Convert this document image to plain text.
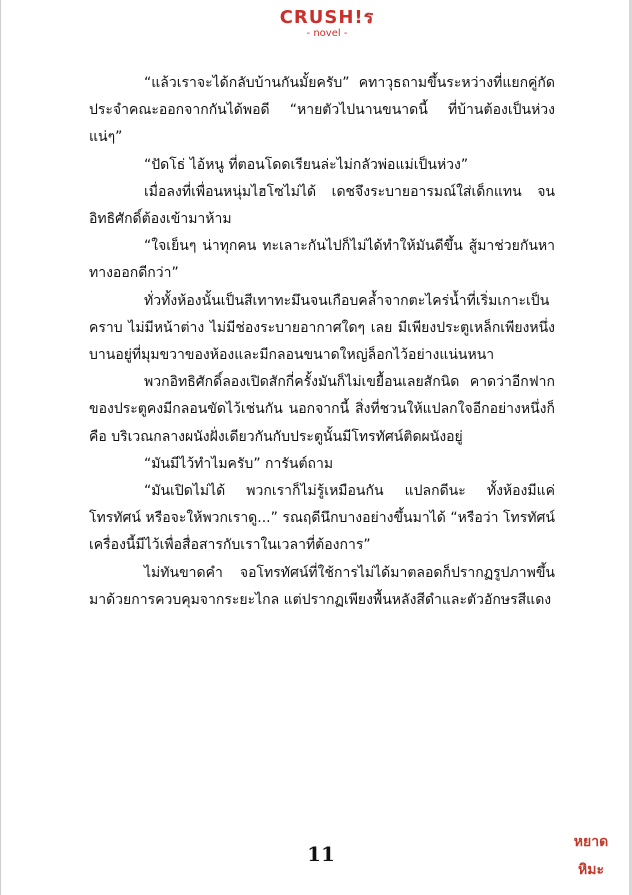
CRUSH!ร
- novel -

“แล้วเราจะได้กลับบ้านกันมั้ยครับ” คทาวุธถามขึ้นระหว่างที่แยกคู่กัดประจำคณะออกจากกันได้พอดี “หายตัวไปนานขนาดนี้ ที่บ้านต้องเป็นห่วงแน่ๆ”

“ปัดโธ่ ไอ้หนู ที่ตอนโดดเรียนล่ะไม่กลัวพ่อแม่เป็นห่วง”

เมื่อลงที่เพื่อนหนุ่มไฮโซไม่ได้ เดชจึงระบายอารมณ์ใส่เด็กแทน จนอิทธิศักดิ์ต้องเข้ามาห้าม

“ใจเย็นๆ น่าทุกคน ทะเลาะกันไปก็ไม่ได้ทำให้มันดีขึ้น สู้มาช่วยกันหาทางออกดีกว่า”

ทั่วทั้งห้องนั้นเป็นสีเทาทะมึนจนเกือบคล้ำจากตะไคร่น้ำที่เริ่มเกาะเป็นคราบ ไม่มีหน้าต่าง ไม่มีช่องระบายอากาศใดๆ เลย มีเพียงประตูเหล็กเพียงหนึ่งบานอยู่ที่มุมขวาของห้องและมีกลอนขนาดใหญ่ล็อกไว้อย่างแน่นหนา

พวกอิทธิศักดิ์ลองเปิดสักกี่ครั้งมันก็ไม่เขยื้อนเลยสักนิด คาดว่าอีกฟากของประตูคงมีกลอนขัดไว้เช่นกัน นอกจากนี้ สิ่งที่ชวนให้แปลกใจอีกอย่างหนึ่งก็คือ บริเวณกลางผนังฝั่งเดียวกันกับประตูนั้นมีโทรทัศน์ติดผนังอยู่

“มันมีไว้ทำไมครับ” การันต์ถาม

“มันเปิดไม่ได้ พวกเราก็ไม่รู้เหมือนกัน แปลกดีนะ ทั้งห้องมีแค่โทรทัศน์ หรือจะให้พวกเราดู...” รณฤดีนึกบางอย่างขึ้นมาได้ “หรือว่า โทรทัศน์เครื่องนี้มีไว้เพื่อสื่อสารกับเราในเวลาที่ต้องการ”

ไม่ทันขาดคำ จอโทรทัศน์ที่ใช้การไม่ได้มาตลอดก็ปรากฏรูปภาพขึ้นมาด้วยการควบคุมจากระยะไกล แต่ปรากฏเพียงพื้นหลังสีดำและตัวอักษรสีแดง

11	หยาด
หิมะ
